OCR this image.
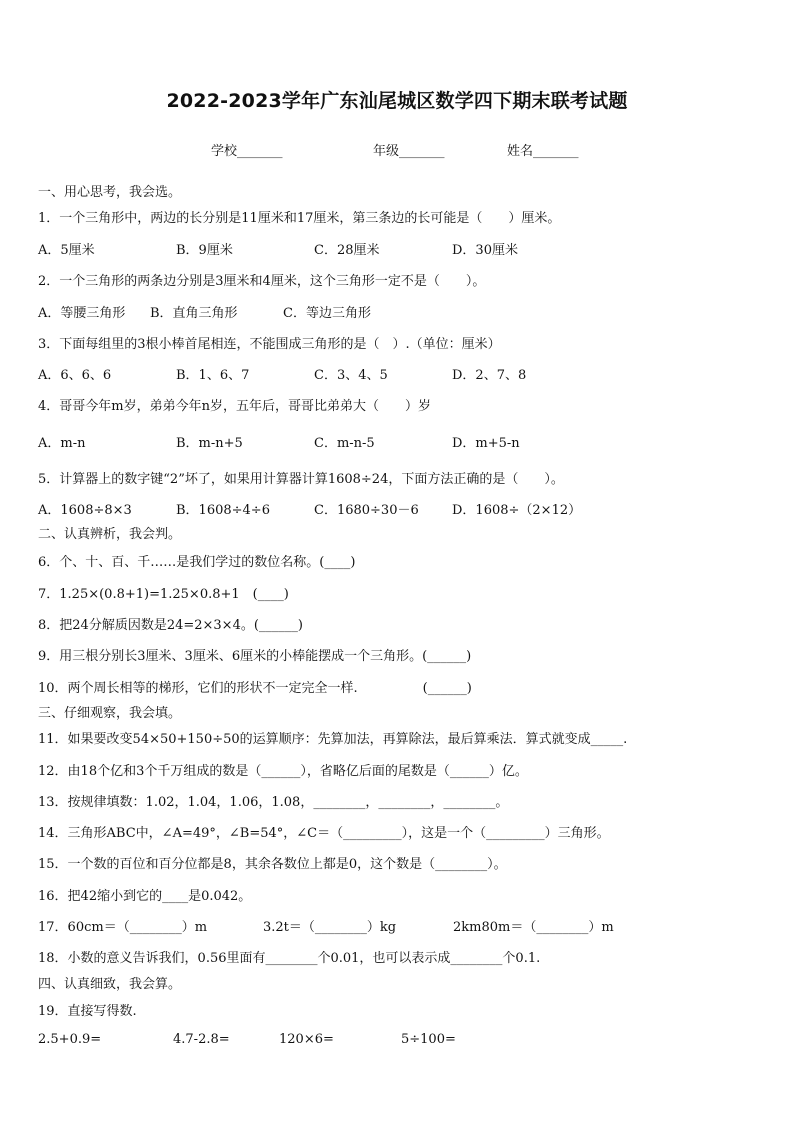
2022-2023学年广东汕尾城区数学四下期末联考试题
学校_______	年级_______	姓名_______
一、用心思考，我会选。
1．一个三角形中，两边的长分别是11厘米和17厘米，第三条边的长可能是（　　）厘米。
A．5厘米	B．9厘米	C．28厘米	D．30厘米
2．一个三角形的两条边分别是3厘米和4厘米，这个三角形一定不是（　　）。
A．等腰三角形 B．直角三角形	C．等边三角形
3．下面每组里的3根小棒首尾相连，不能围成三角形的是（　）.（单位：厘米）
A．6、6、6	B．1、6、7	C．3、4、5	D．2、7、8
4．哥哥今年m岁，弟弟今年n岁，五年后，哥哥比弟弟大（　　）岁
A．m-n	B．m-n+5	C．m-n-5	D．m+5-n
5．计算器上的数字键“2”坏了，如果用计算器计算1608÷24，下面方法正确的是（　　）。
A．1608÷8×3	B．1608÷4÷6	C．1680÷30－6	D．1608÷（2×12）
二、认真辨析，我会判。
6．个、十、百、千……是我们学过的数位名称。(____)
7．1.25×(0.8+1)=1.25×0.8+1　(____)
8．把24分解质因数是24=2×3×4。(______)
9．用三根分别长3厘米、3厘米、6厘米的小棒能摆成一个三角形。(______)
10．两个周长相等的梯形，它们的形状不一定完全一样.　　　　　(______)
三、仔细观察，我会填。
11．如果要改变54×50+150÷50的运算顺序：先算加法，再算除法，最后算乘法．算式就变成_____.
12．由18个亿和3个千万组成的数是（______），省略亿后面的尾数是（______）亿。
13．按规律填数：1.02，1.04，1.06，1.08，________，________，________。
14．三角形ABC中，∠A=49°，∠B=54°，∠C＝（_________），这是一个（_________）三角形。
15．一个数的百位和百分位都是8，其余各数位上都是0，这个数是（________）。
16．把42缩小到它的____是0.042。
17．60cm＝（________）m	3.2t＝（________）kg	2km80m＝（________）m
18．小数的意义告诉我们，0.56里面有________个0.01，也可以表示成________个0.1.
四、认真细致，我会算。
19．直接写得数.
2.5+0.9=	4.7-2.8=	120×6=	5÷100=
